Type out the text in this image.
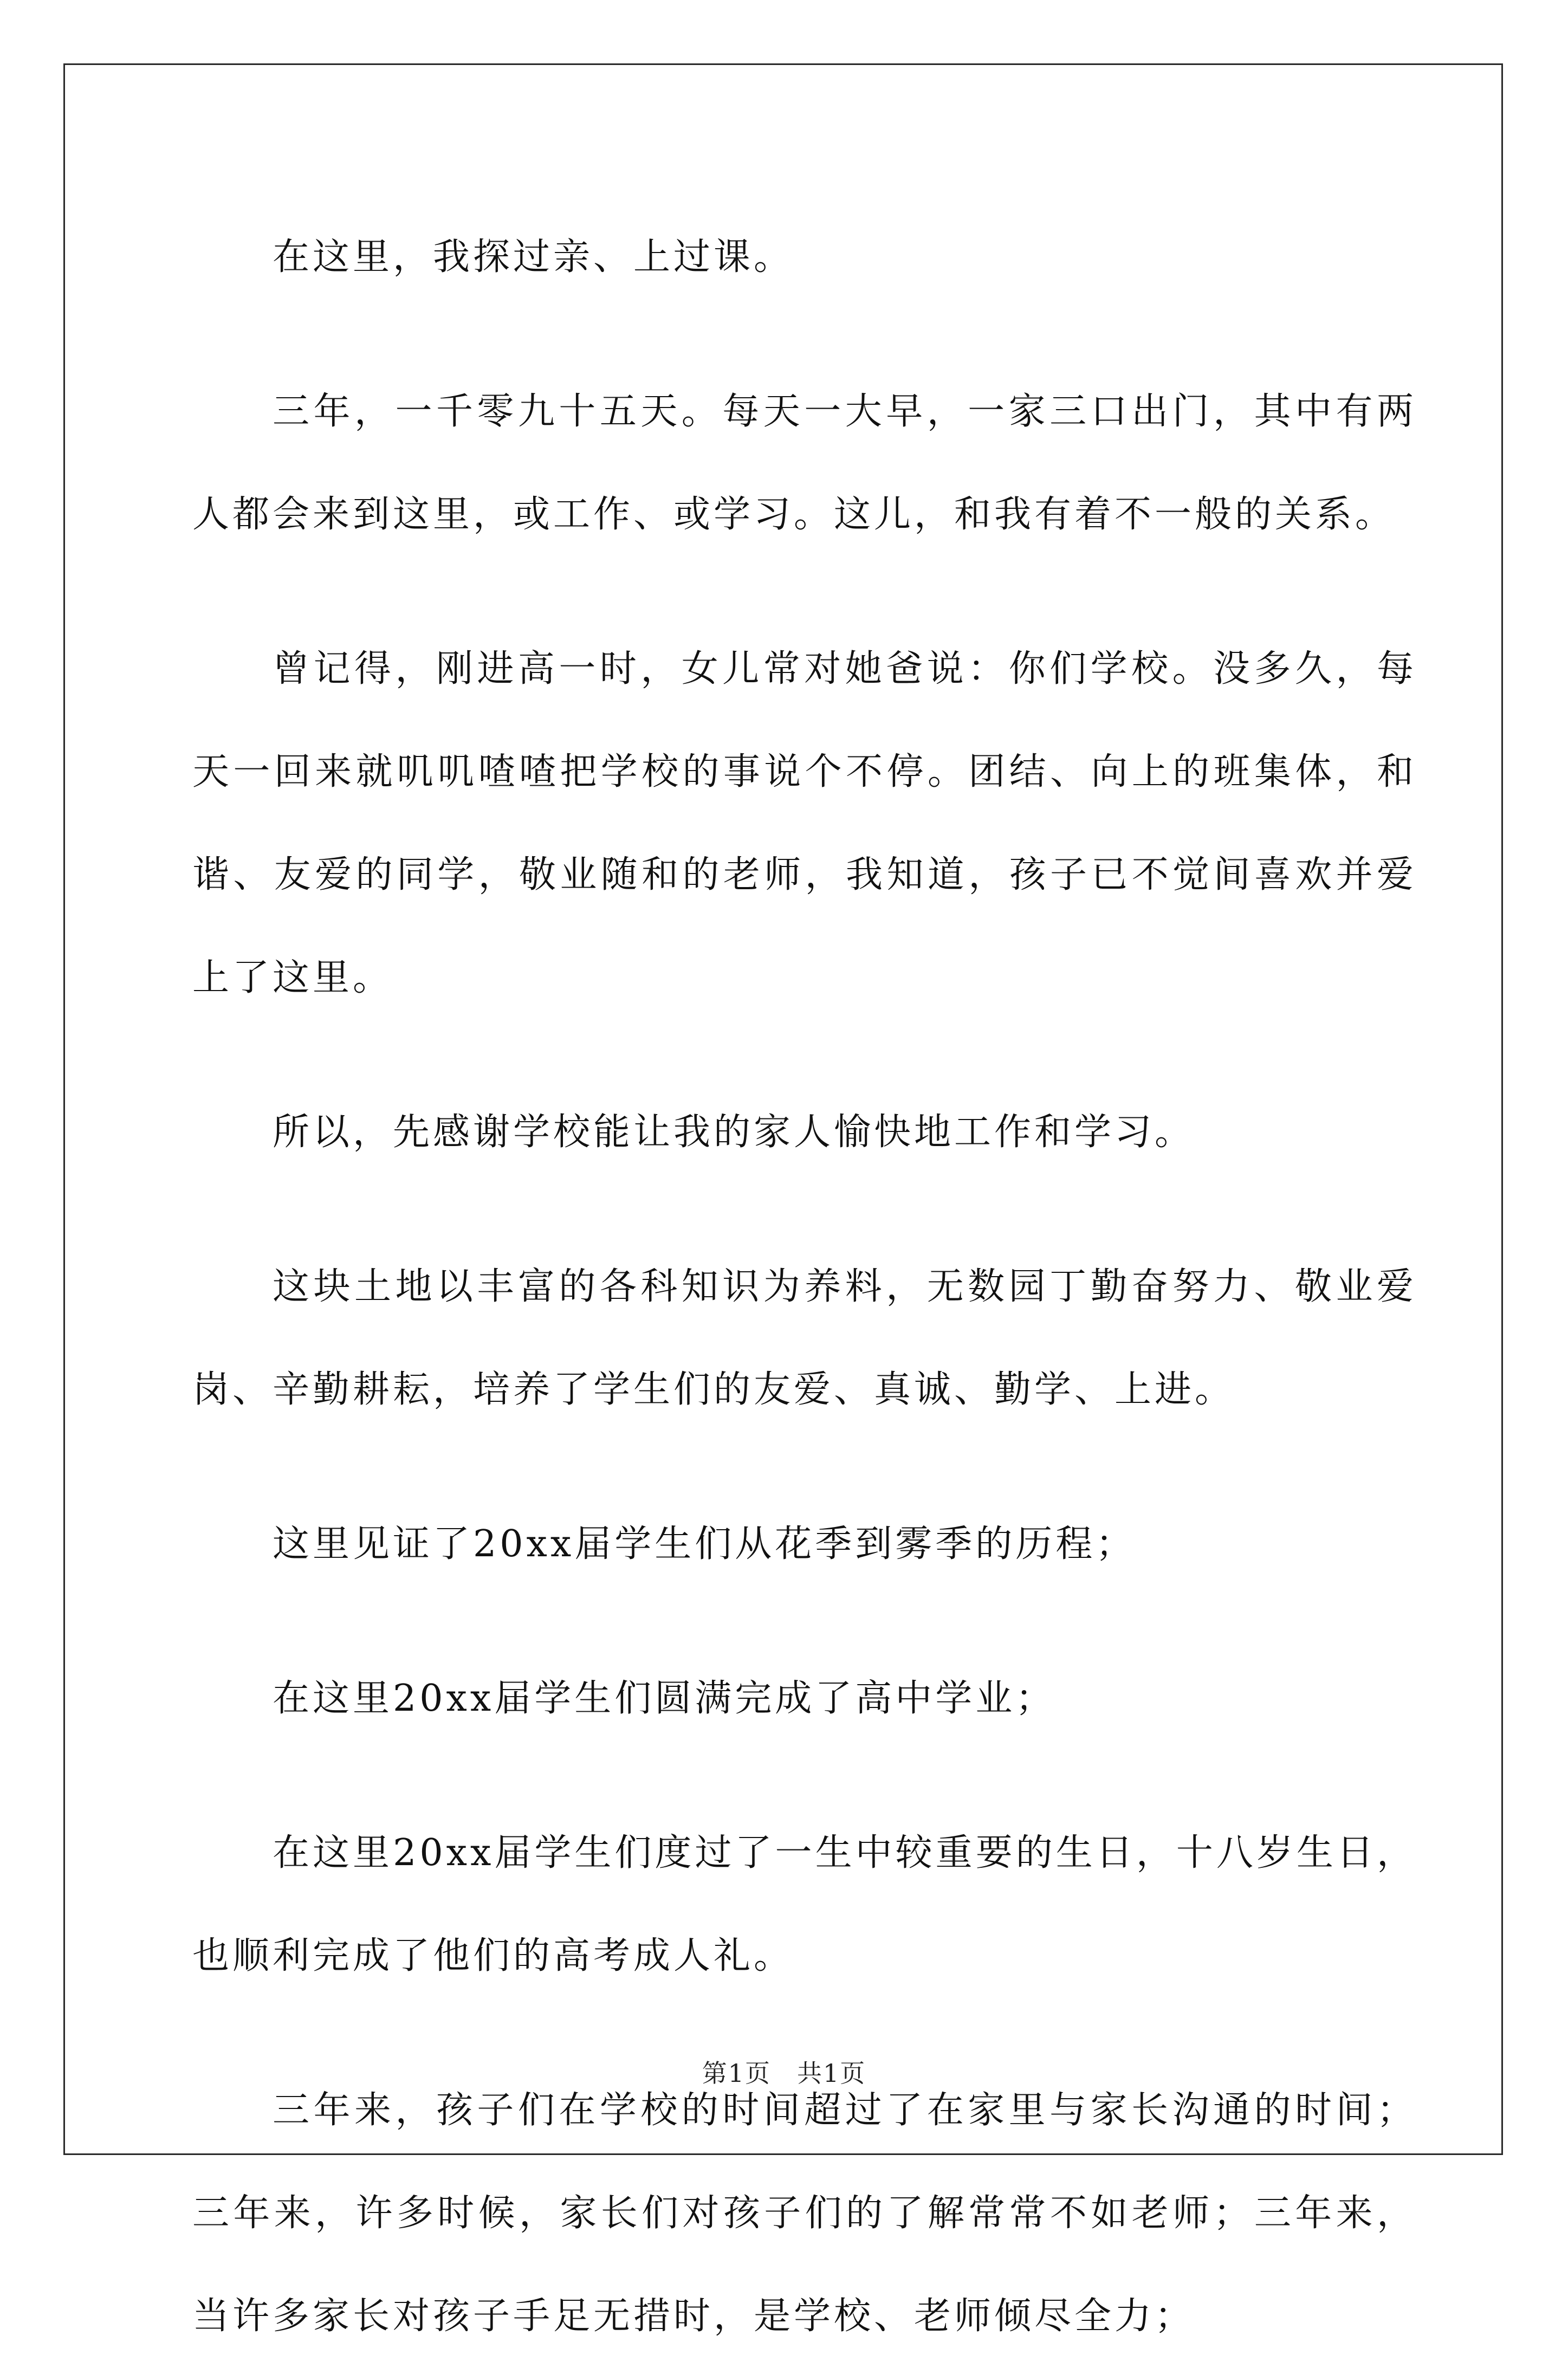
在这里，我探过亲、上过课。

三年，一千零九十五天。每天一大早，一家三口出门，其中有两人都会来到这里，或工作、或学习。这儿，和我有着不一般的关系。

曾记得，刚进高一时，女儿常对她爸说：你们学校。没多久，每天一回来就叽叽喳喳把学校的事说个不停。团结、向上的班集体，和谐、友爱的同学，敬业随和的老师，我知道，孩子已不觉间喜欢并爱上了这里。

所以，先感谢学校能让我的家人愉快地工作和学习。

这块土地以丰富的各科知识为养料，无数园丁勤奋努力、敬业爱岗、辛勤耕耘，培养了学生们的友爱、真诚、勤学、上进。

这里见证了20xx届学生们从花季到雾季的历程；

在这里20xx届学生们圆满完成了高中学业；

在这里20xx届学生们度过了一生中较重要的生日，十八岁生日，也顺利完成了他们的高考成人礼。

三年来，孩子们在学校的时间超过了在家里与家长沟通的时间；三年来，许多时候，家长们对孩子们的了解常常不如老师；三年来，当许多家长对孩子手足无措时，是学校、老师倾尽全力；

第1页　共1页
